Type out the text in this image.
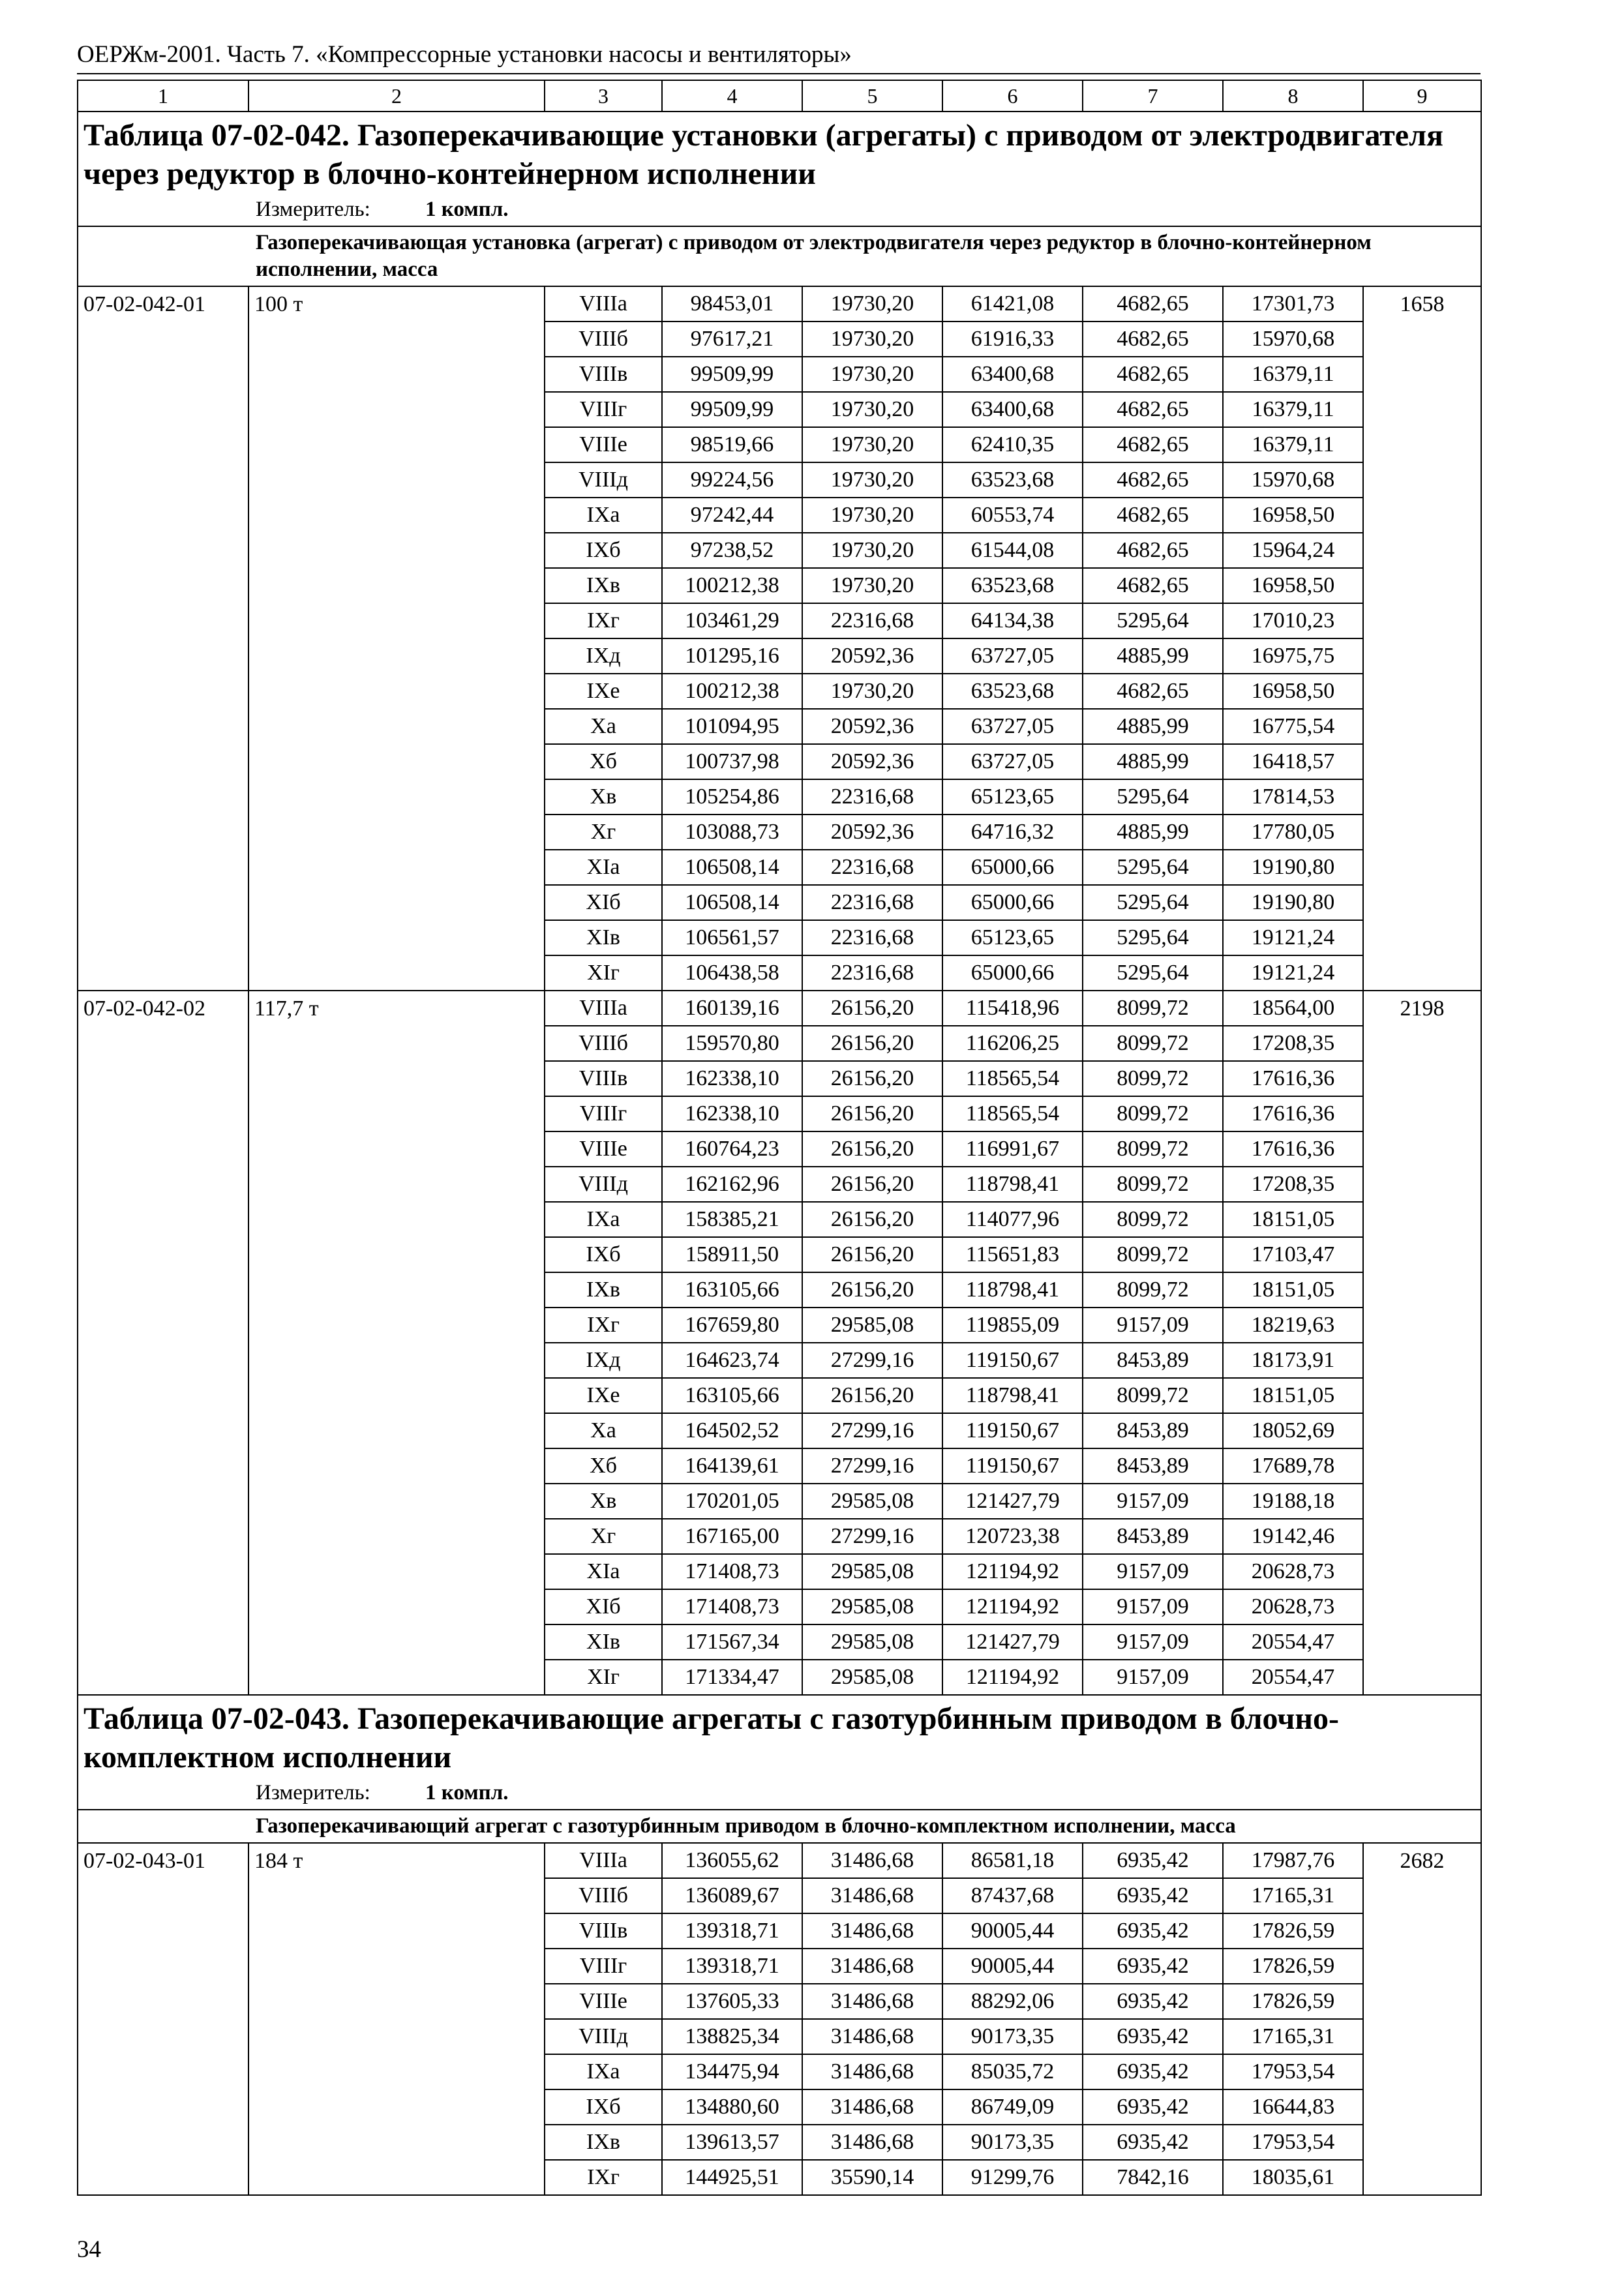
ОЕРЖм-2001. Часть 7. «Компрессорные установки насосы и вентиляторы»
1	2	3	4	5	6	7	8	9
Таблица 07-02-042. Газоперекачивающие установки (агрегаты) с приводом от электродвигателя через редуктор в блочно-контейнерном исполнении								
Измеритель: 1 компл.								
Газоперекачивающая установка (агрегат) с приводом от электродвигателя через редуктор в блочно-контейнерном исполнении, масса								
07-02-042-01	100 т	VIIIa	98453,01	19730,20	61421,08	4682,65	17301,73	1658
		VIIIб	97617,21	19730,20	61916,33	4682,65	15970,68	
		VIIIв	99509,99	19730,20	63400,68	4682,65	16379,11	
		VIIIг	99509,99	19730,20	63400,68	4682,65	16379,11	
		VIIIе	98519,66	19730,20	62410,35	4682,65	16379,11	
		VIIIд	99224,56	19730,20	63523,68	4682,65	15970,68	
		IXa	97242,44	19730,20	60553,74	4682,65	16958,50	
		IXб	97238,52	19730,20	61544,08	4682,65	15964,24	
		IXв	100212,38	19730,20	63523,68	4682,65	16958,50	
		IXг	103461,29	22316,68	64134,38	5295,64	17010,23	
		IXд	101295,16	20592,36	63727,05	4885,99	16975,75	
		IXе	100212,38	19730,20	63523,68	4682,65	16958,50	
		Xa	101094,95	20592,36	63727,05	4885,99	16775,54	
		Xб	100737,98	20592,36	63727,05	4885,99	16418,57	
		Xв	105254,86	22316,68	65123,65	5295,64	17814,53	
		Xг	103088,73	20592,36	64716,32	4885,99	17780,05	
		XIa	106508,14	22316,68	65000,66	5295,64	19190,80	
		XIб	106508,14	22316,68	65000,66	5295,64	19190,80	
		XIв	106561,57	22316,68	65123,65	5295,64	19121,24	
		XIг	106438,58	22316,68	65000,66	5295,64	19121,24	
07-02-042-02	117,7 т	VIIIa	160139,16	26156,20	115418,96	8099,72	18564,00	2198
		VIIIб	159570,80	26156,20	116206,25	8099,72	17208,35	
		VIIIв	162338,10	26156,20	118565,54	8099,72	17616,36	
		VIIIг	162338,10	26156,20	118565,54	8099,72	17616,36	
		VIIIе	160764,23	26156,20	116991,67	8099,72	17616,36	
		VIIIд	162162,96	26156,20	118798,41	8099,72	17208,35	
		IXa	158385,21	26156,20	114077,96	8099,72	18151,05	
		IXб	158911,50	26156,20	115651,83	8099,72	17103,47	
		IXв	163105,66	26156,20	118798,41	8099,72	18151,05	
		IXг	167659,80	29585,08	119855,09	9157,09	18219,63	
		IXд	164623,74	27299,16	119150,67	8453,89	18173,91	
		IXе	163105,66	26156,20	118798,41	8099,72	18151,05	
		Xa	164502,52	27299,16	119150,67	8453,89	18052,69	
		Xб	164139,61	27299,16	119150,67	8453,89	17689,78	
		Xв	170201,05	29585,08	121427,79	9157,09	19188,18	
		Xг	167165,00	27299,16	120723,38	8453,89	19142,46	
		XIa	171408,73	29585,08	121194,92	9157,09	20628,73	
		XIб	171408,73	29585,08	121194,92	9157,09	20628,73	
		XIв	171567,34	29585,08	121427,79	9157,09	20554,47	
		XIг	171334,47	29585,08	121194,92	9157,09	20554,47	
Таблица 07-02-043. Газоперекачивающие агрегаты с газотурбинным приводом в блочно-комплектном исполнении								
Измеритель: 1 компл.								
Газоперекачивающий агрегат с газотурбинным приводом в блочно-комплектном исполнении, масса								
07-02-043-01	184 т	VIIIa	136055,62	31486,68	86581,18	6935,42	17987,76	2682
		VIIIб	136089,67	31486,68	87437,68	6935,42	17165,31	
		VIIIв	139318,71	31486,68	90005,44	6935,42	17826,59	
		VIIIг	139318,71	31486,68	90005,44	6935,42	17826,59	
		VIIIе	137605,33	31486,68	88292,06	6935,42	17826,59	
		VIIIд	138825,34	31486,68	90173,35	6935,42	17165,31	
		IXa	134475,94	31486,68	85035,72	6935,42	17953,54	
		IXб	134880,60	31486,68	86749,09	6935,42	16644,83	
		IXв	139613,57	31486,68	90173,35	6935,42	17953,54	
		IXг	144925,51	35590,14	91299,76	7842,16	18035,61	
34
